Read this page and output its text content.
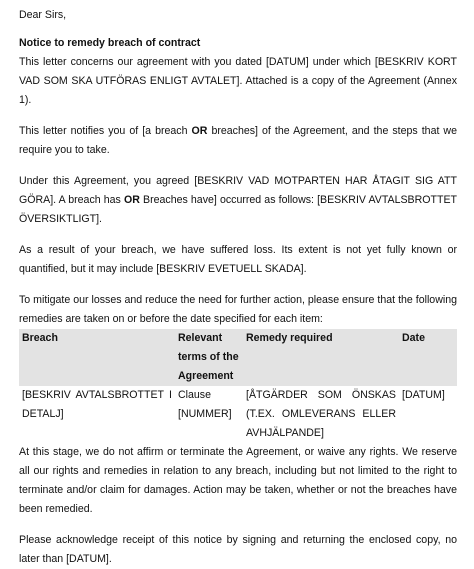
Dear Sirs,

Notice to remedy breach of contract

This letter concerns our agreement with you dated [DATUM] under which [BESKRIV KORT VAD SOM SKA UTFÖRAS ENLIGT AVTALET]. Attached is a copy of the Agreement (Annex 1).

This letter notifies you of [a breach OR breaches] of the Agreement, and the steps that we require you to take.

Under this Agreement, you agreed [BESKRIV VAD MOTPARTEN HAR ÅTAGIT SIG ATT GÖRA]. A breach has OR Breaches have] occurred as follows: [BESKRIV AVTALSBROTTET ÖVERSIKTLIGT].

As a result of your breach, we have suffered loss. Its extent is not yet fully known or quantified, but it may include [BESKRIV EVETUELL SKADA].

To mitigate our losses and reduce the need for further action, please ensure that the following remedies are taken on or before the date specified for each item:

Breach	Relevant terms of the Agreement	Remedy required	Date
[BESKRIV AVTALSBROTTET I DETALJ]	Clause [NUMMER]	[ÅTGÄRDER SOM ÖNSKAS (T.EX. OMLEVERANS ELLER AVHJÄLPANDE]	[DATUM]

At this stage, we do not affirm or terminate the Agreement, or waive any rights. We reserve all our rights and remedies in relation to any breach, including but not limited to the right to terminate and/or claim for damages. Action may be taken, whether or not the breaches have been remedied.

Please acknowledge receipt of this notice by signing and returning the enclosed copy, no later than [DATUM].
